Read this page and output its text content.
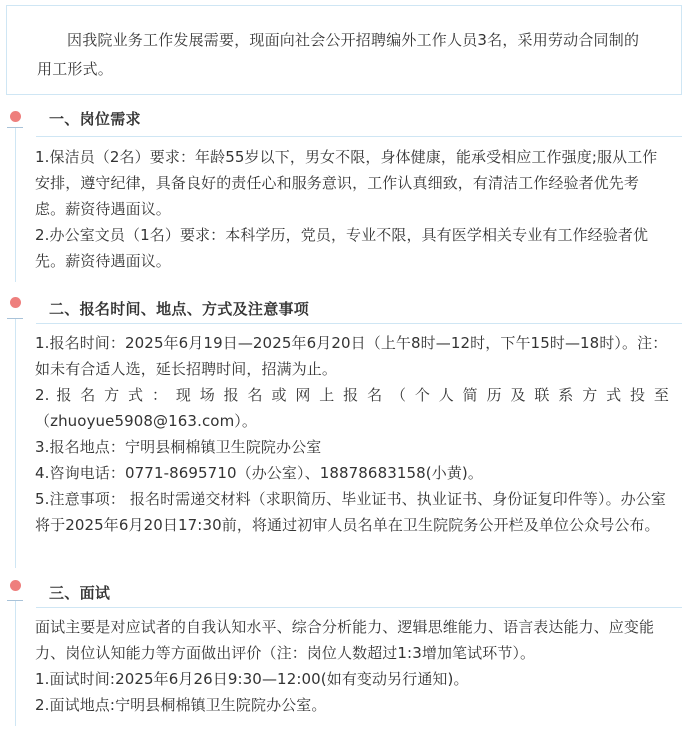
因我院业务工作发展需要，现面向社会公开招聘编外工作人员3名，采用劳动合同制的用工形式。

一、岗位需求

1.保洁员（2名）要求：年龄55岁以下，男女不限，身体健康，能承受相应工作强度;服从工作安排，遵守纪律，具备良好的责任心和服务意识，工作认真细致，有清洁工作经验者优先考虑。薪资待遇面议。

2.办公室文员（1名）要求：本科学历，党员，专业不限，具有医学相关专业有工作经验者优先。薪资待遇面议。

二、报名时间、地点、方式及注意事项

1.报名时间：2025年6月19日—2025年6月20日（上午8时—12时，下午15时—18时）。注：如未有合适人选，延长招聘时间，招满为止。

2. 报 名 方 式 ： 现 场 报 名 或 网 上 报 名 （ 个 人 简 历 及 联 系 方 式 投 至

（zhuoyue5908@163.com）。

3.报名地点：宁明县桐棉镇卫生院院办公室

4.咨询电话：0771-8695710（办公室）、18878683158(小黄)。

5.注意事项： 报名时需递交材料（求职简历、毕业证书、执业证书、身份证复印件等）。办公室将于2025年6月20日17:30前，将通过初审人员名单在卫生院院务公开栏及单位公众号公布。

三、面试

面试主要是对应试者的自我认知水平、综合分析能力、逻辑思维能力、语言表达能力、应变能力、岗位认知能力等方面做出评价（注：岗位人数超过1:3增加笔试环节）。

1.面试时间:2025年6月26日9:30—12:00(如有变动另行通知)。

2.面试地点:宁明县桐棉镇卫生院院办公室。
